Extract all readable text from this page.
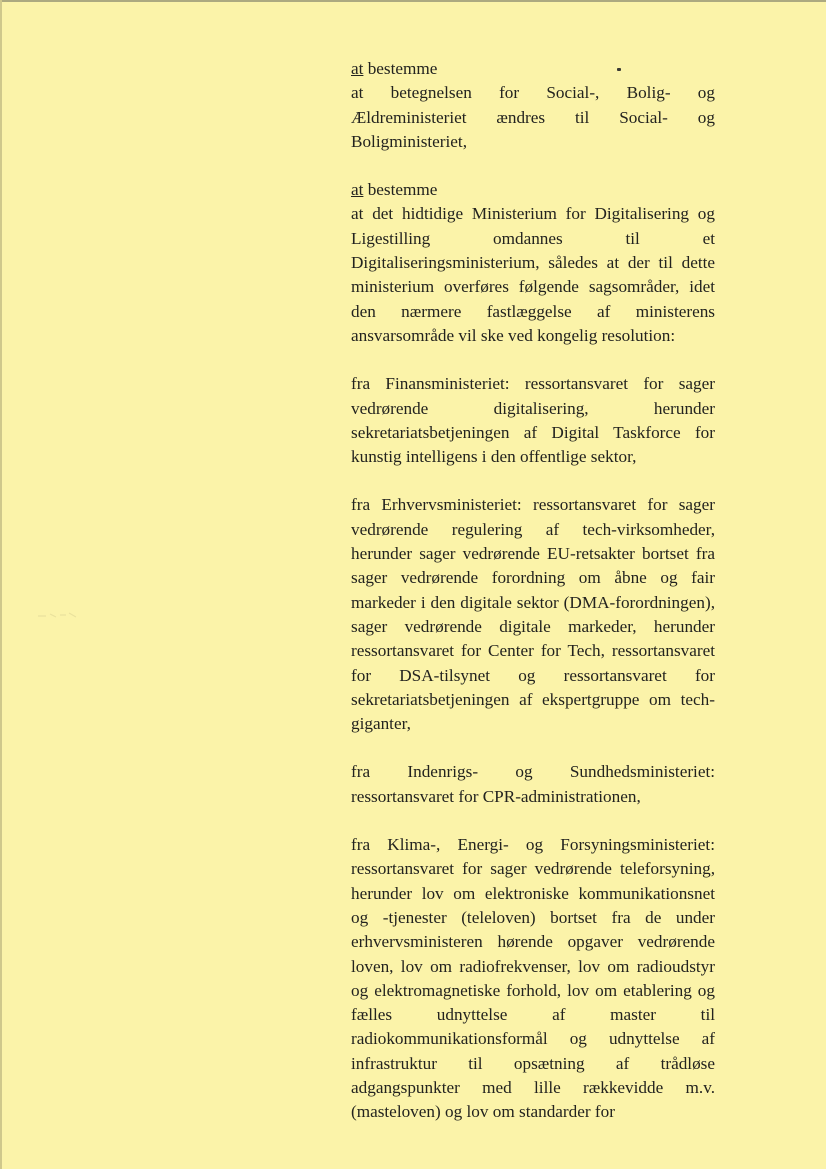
at bestemme

at betegnelsen for Social-, Bolig- og Ældreministeriet ændres til Social- og Boligministeriet,

at bestemme

at det hidtidige Ministerium for Digitalisering og Ligestilling omdannes til et Digitaliseringsministerium, således at der til dette ministerium overføres følgende sagsområder, idet den nærmere fastlæggelse af ministerens ansvarsområde vil ske ved kongelig resolution:

fra Finansministeriet: ressortansvaret for sager vedrørende digitalisering, herunder sekretariatsbetjeningen af Digital Taskforce for kunstig intelligens i den offentlige sektor,

fra Erhvervsministeriet: ressortansvaret for sager vedrørende regulering af tech-virksomheder, herunder sager vedrørende EU-retsakter bortset fra sager vedrørende forordning om åbne og fair markeder i den digitale sektor (DMA-forordningen), sager vedrørende digitale markeder, herunder ressortansvaret for Center for Tech, ressortansvaret for DSA-tilsynet og ressortansvaret for sekretariatsbetjeningen af ekspertgruppe om tech-giganter,

fra Indenrigs- og Sundhedsministeriet: ressortansvaret for CPR-administrationen,

fra Klima-, Energi- og Forsyningsministeriet: ressortansvaret for sager vedrørende teleforsyning, herunder lov om elektroniske kommunikationsnet og -tjenester (teleloven) bortset fra de under erhvervsministeren hørende opgaver vedrørende loven, lov om radiofrekvenser, lov om radioudstyr og elektromagnetiske forhold, lov om etablering og fælles udnyttelse af master til radiokommunikationsformål og udnyttelse af infrastruktur til opsætning af trådløse adgangspunkter med lille rækkevidde m.v. (masteloven) og lov om standarder for
